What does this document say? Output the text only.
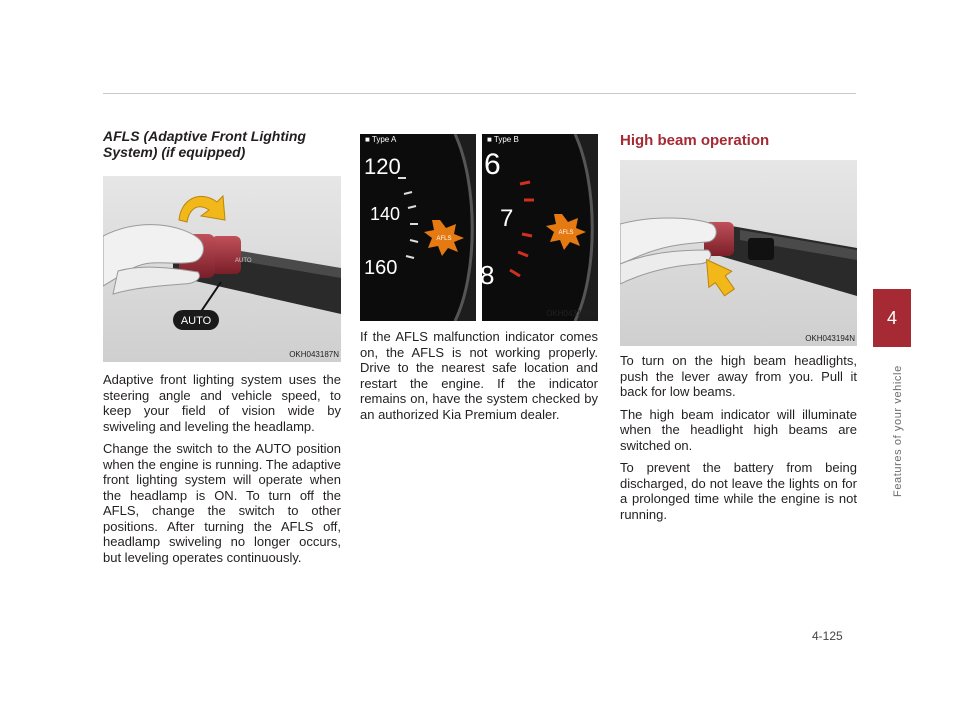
AFLS (Adaptive Front Lighting System) (if equipped)
AUTO
AUTO
OKH043187N

Adaptive front lighting system uses the steering angle and vehicle speed, to keep your field of vision wide by swiveling and leveling the headlamp.

Change the switch to the AUTO position when the engine is running. The adaptive front lighting system will operate when the headlamp is ON. To turn off the AFLS, change the switch to other positions. After turning the AFLS off, headlamp swiveling no longer occurs, but leveling operates continuously.

120
140
160
6
7
8
AFLS
AFLS
OKH043188N
■ Type A	■ Type B

If the AFLS malfunction indicator comes on, the AFLS is not working properly. Drive to the nearest safe location and restart the engine. If the indicator remains on, have the system checked by an authorized Kia Premium dealer.

High beam operation
OKH043194N

To turn on the high beam headlights, push the lever away from you. Pull it back for low beams.

The high beam indicator will illuminate when the headlight high beams are switched on.

To prevent the battery from being discharged, do not leave the lights on for a prolonged time while the engine is not running.

4
Features of your vehicle
4-125
